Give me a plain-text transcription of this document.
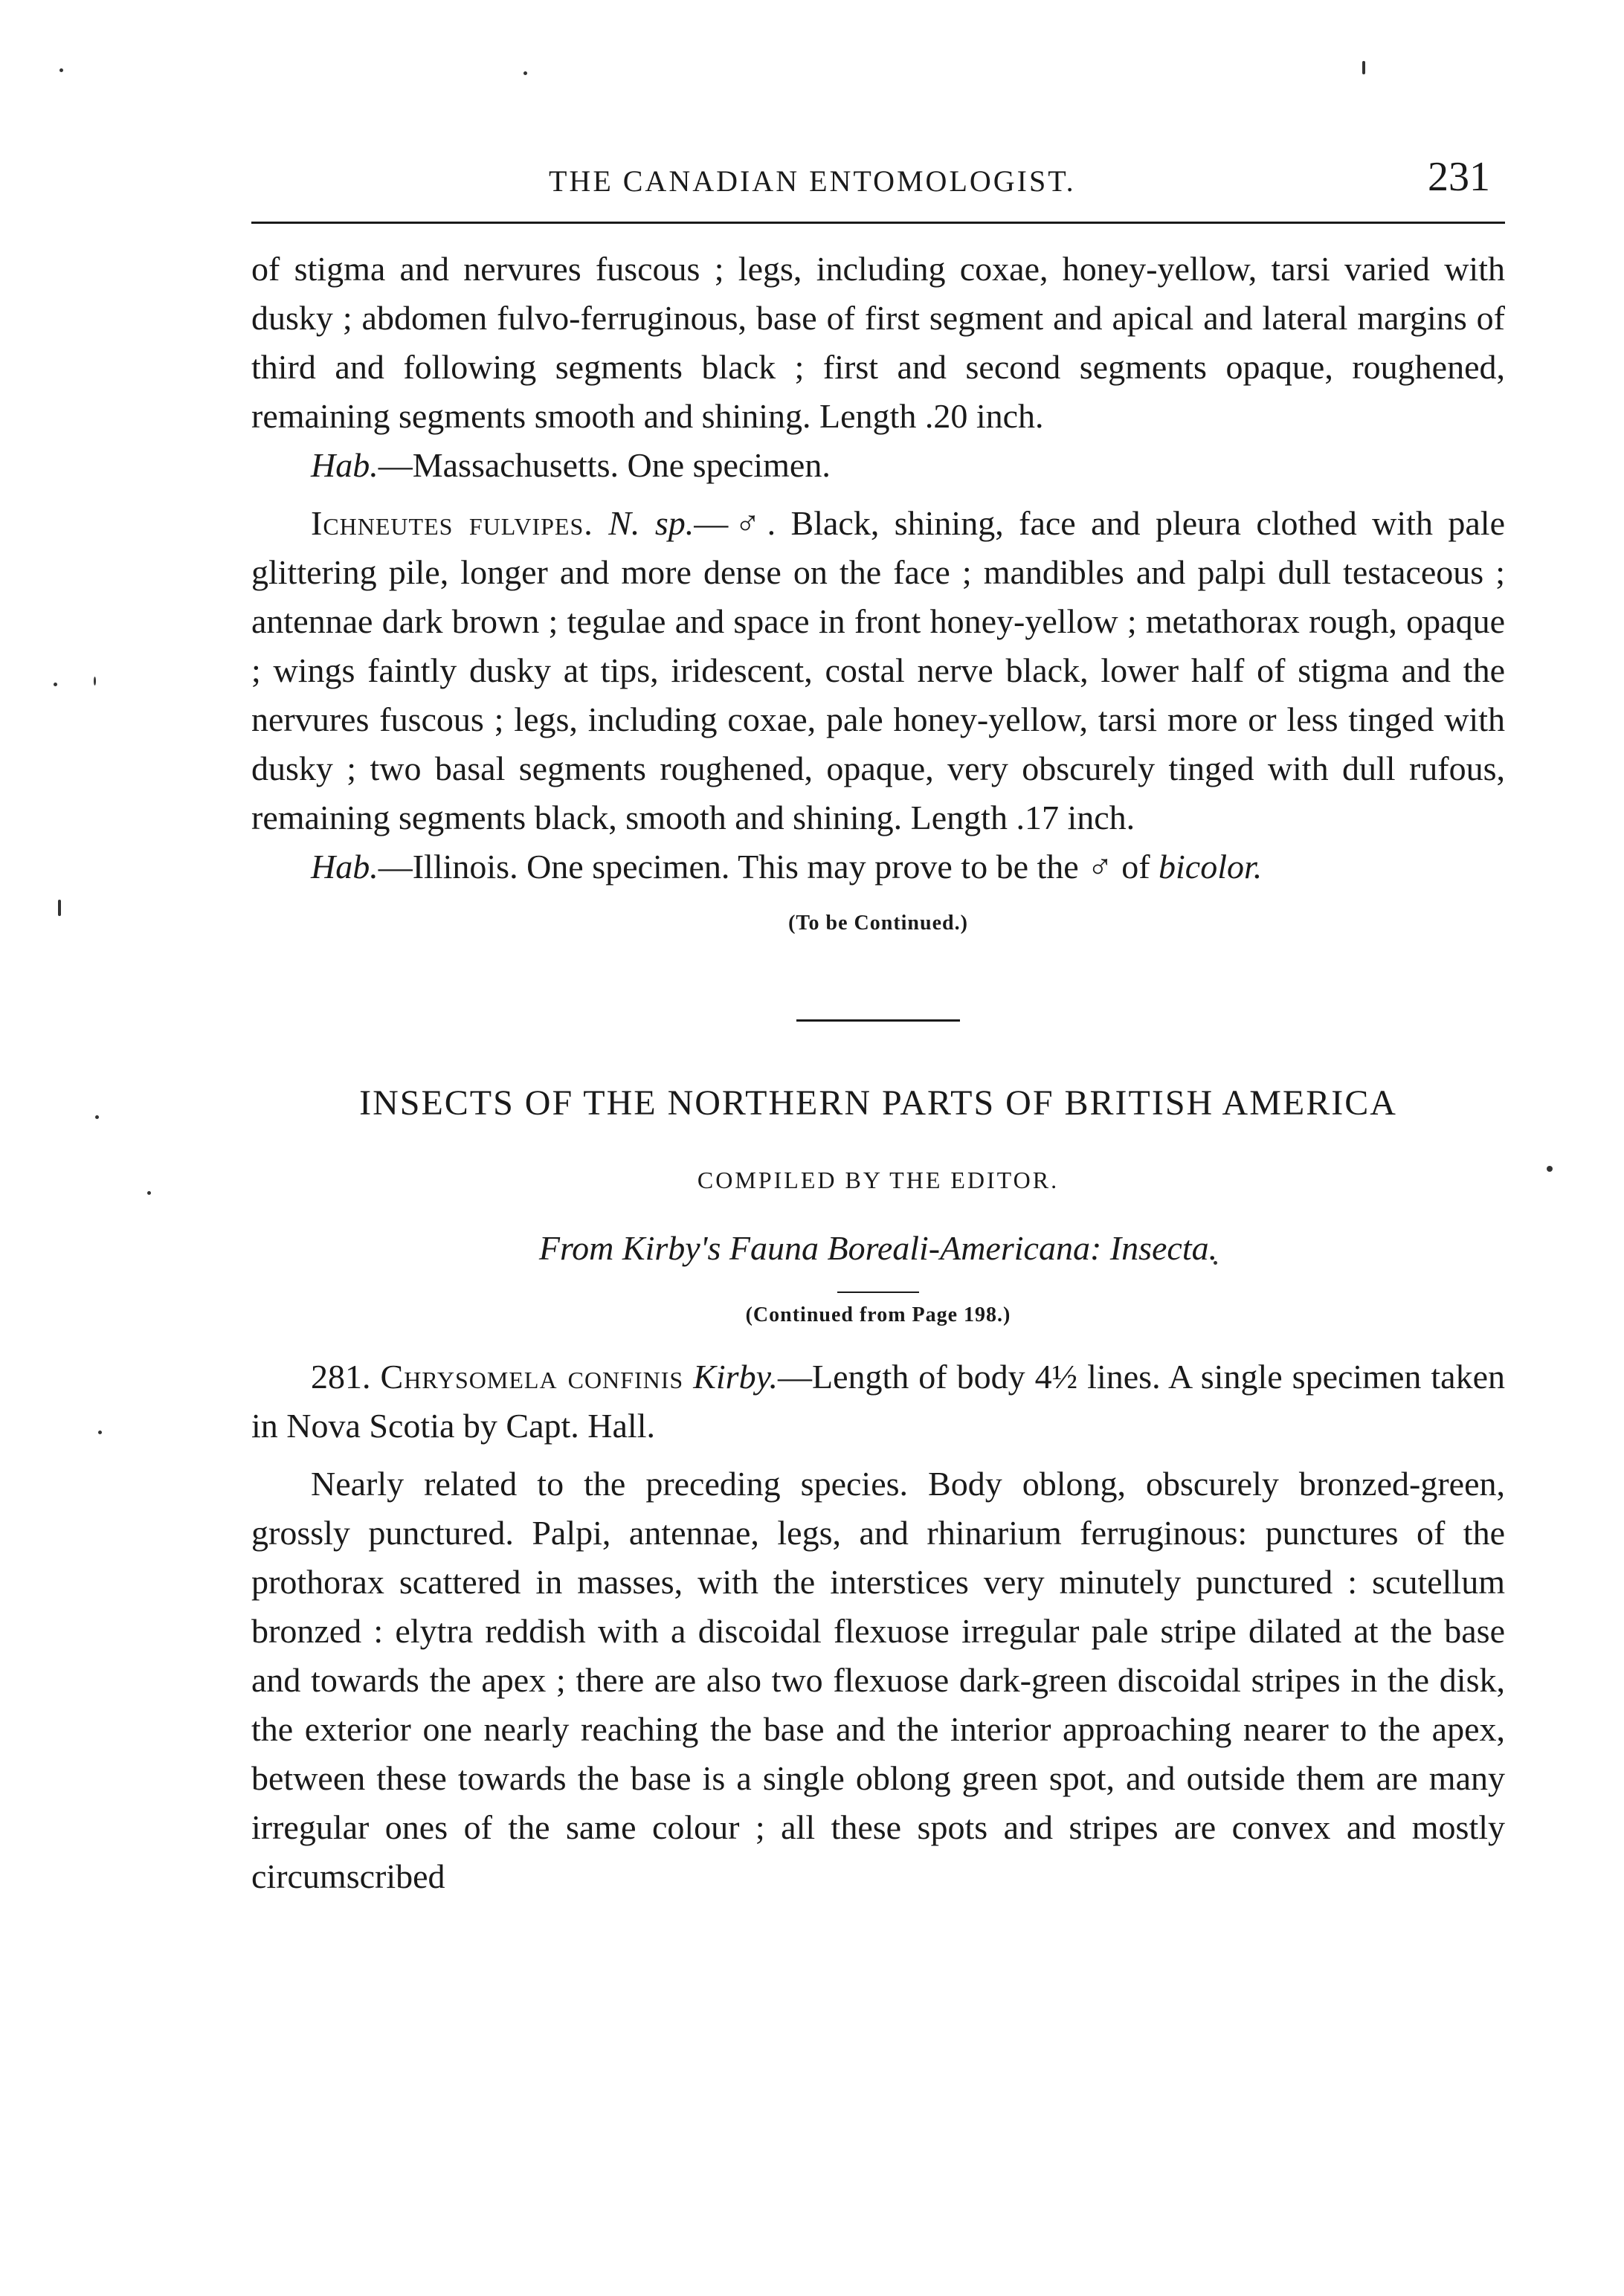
THE CANADIAN ENTOMOLOGIST.	231

of stigma and nervures fuscous ; legs, including coxae, honey-yellow, tarsi varied with dusky ; abdomen fulvo-ferruginous, base of first segment and apical and lateral margins of third and following segments black ; first and second segments opaque, roughened, remaining segments smooth and shining. Length .20 inch.

Hab.—Massachusetts. One specimen.

Ichneutes fulvipes. N. sp.—♂. Black, shining, face and pleura clothed with pale glittering pile, longer and more dense on the face ; mandibles and palpi dull testaceous ; antennae dark brown ; tegulae and space in front honey-yellow ; metathorax rough, opaque ; wings faintly dusky at tips, iridescent, costal nerve black, lower half of stigma and the nervures fuscous ; legs, including coxae, pale honey-yellow, tarsi more or less tinged with dusky ; two basal segments roughened, opaque, very obscurely tinged with dull rufous, remaining segments black, smooth and shining. Length .17 inch.

Hab.—Illinois. One specimen. This may prove to be the ♂ of bicolor.

(To be Continued.)

INSECTS OF THE NORTHERN PARTS OF BRITISH AMERICA
COMPILED BY THE EDITOR.
From Kirby's Fauna Boreali-Americana: Insecta.
(Continued from Page 198.)

281. Chrysomela confinis Kirby.—Length of body 4½ lines. A single specimen taken in Nova Scotia by Capt. Hall.

Nearly related to the preceding species. Body oblong, obscurely bronzed-green, grossly punctured. Palpi, antennae, legs, and rhinarium ferruginous: punctures of the prothorax scattered in masses, with the interstices very minutely punctured : scutellum bronzed : elytra reddish with a discoidal flexuose irregular pale stripe dilated at the base and towards the apex ; there are also two flexuose dark-green discoidal stripes in the disk, the exterior one nearly reaching the base and the interior approaching nearer to the apex, between these towards the base is a single oblong green spot, and outside them are many irregular ones of the same colour ; all these spots and stripes are convex and mostly circumscribed
